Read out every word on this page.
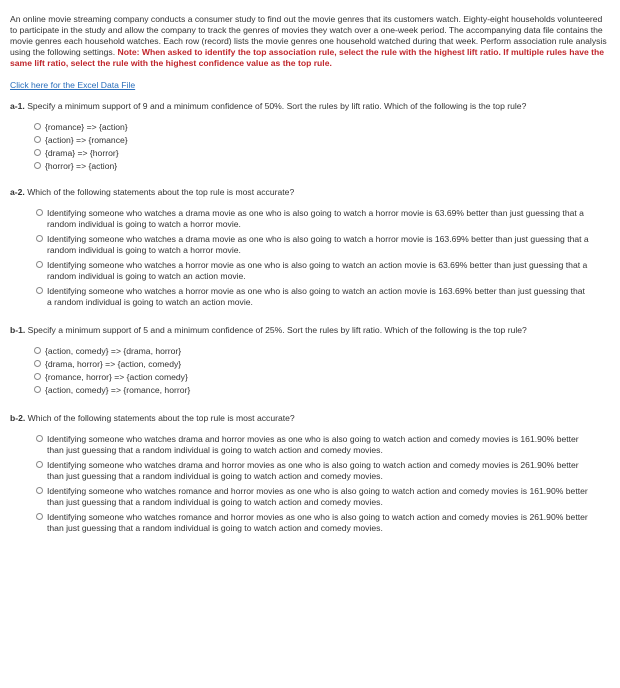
An online movie streaming company conducts a consumer study to find out the movie genres that its customers watch. Eighty-eight households volunteered to participate in the study and allow the company to track the genres of movies they watch over a one-week period. The accompanying data file contains the movie genres each household watches. Each row (record) lists the movie genres one household watched during that week. Perform association rule analysis using the following settings. Note: When asked to identify the top association rule, select the rule with the highest lift ratio. If multiple rules have the same lift ratio, select the rule with the highest confidence value as the top rule.

Click here for the Excel Data File
a-1. Specify a minimum support of 9 and a minimum confidence of 50%. Sort the rules by lift ratio. Which of the following is the top rule?
{romance} => {action}
{action} => {romance}
{drama} => {horror}
{horror} => {action}
a-2. Which of the following statements about the top rule is most accurate?
Identifying someone who watches a drama movie as one who is also going to watch a horror movie is 63.69% better than just guessing that a random individual is going to watch a horror movie.
Identifying someone who watches a drama movie as one who is also going to watch a horror movie is 163.69% better than just guessing that a random individual is going to watch a horror movie.
Identifying someone who watches a horror movie as one who is also going to watch an action movie is 63.69% better than just guessing that a random individual is going to watch an action movie.
Identifying someone who watches a horror movie as one who is also going to watch an action movie is 163.69% better than just guessing that a random individual is going to watch an action movie.
b-1. Specify a minimum support of 5 and a minimum confidence of 25%. Sort the rules by lift ratio. Which of the following is the top rule?
{action, comedy} => {drama, horror}
{drama, horror} => {action, comedy}
{romance, horror} => {action comedy}
{action, comedy} => {romance, horror}
b-2. Which of the following statements about the top rule is most accurate?
Identifying someone who watches drama and horror movies as one who is also going to watch action and comedy movies is 161.90% better than just guessing that a random individual is going to watch action and comedy movies.
Identifying someone who watches drama and horror movies as one who is also going to watch action and comedy movies is 261.90% better than just guessing that a random individual is going to watch action and comedy movies.
Identifying someone who watches romance and horror movies as one who is also going to watch action and comedy movies is 161.90% better than just guessing that a random individual is going to watch action and comedy movies.
Identifying someone who watches romance and horror movies as one who is also going to watch action and comedy movies is 261.90% better than just guessing that a random individual is going to watch action and comedy movies.
